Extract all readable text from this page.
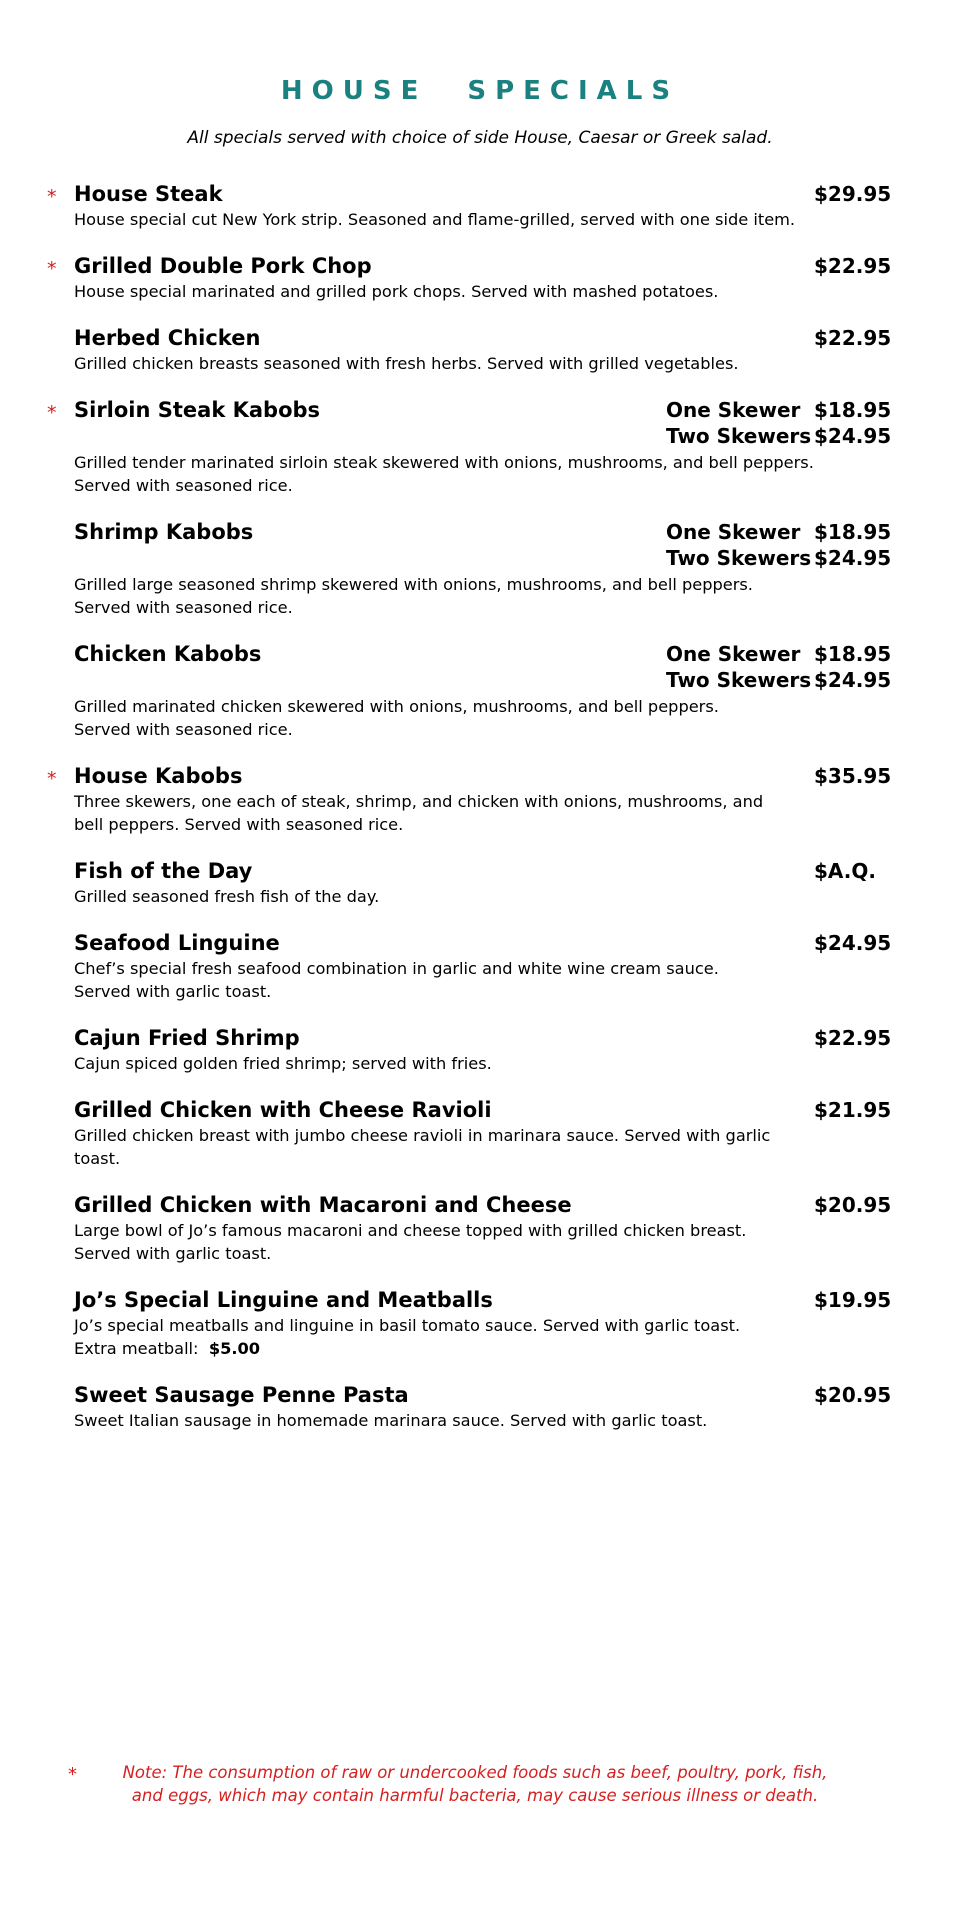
HOUSE SPECIALS
All specials served with choice of side House, Caesar or Greek salad.
* House Steak	$29.95
House special cut New York strip. Seasoned and flame-grilled, served with one side item.
* Grilled Double Pork Chop	$22.95
House special marinated and grilled pork chops. Served with mashed potatoes.
Herbed Chicken	$22.95
Grilled chicken breasts seasoned with fresh herbs. Served with grilled vegetables.
* Sirloin Steak Kabobs	One Skewer $18.95
Two Skewers $24.95
Grilled tender marinated sirloin steak skewered with onions, mushrooms, and bell peppers.
Served with seasoned rice.
Shrimp Kabobs	One Skewer $18.95
Two Skewers $24.95
Grilled large seasoned shrimp skewered with onions, mushrooms, and bell peppers.
Served with seasoned rice.
Chicken Kabobs	One Skewer $18.95
Two Skewers $24.95
Grilled marinated chicken skewered with onions, mushrooms, and bell peppers.
Served with seasoned rice.
* House Kabobs	$35.95
Three skewers, one each of steak, shrimp, and chicken with onions, mushrooms, and
bell peppers. Served with seasoned rice.
Fish of the Day	$A.Q.
Grilled seasoned fresh fish of the day.
Seafood Linguine	$24.95
Chef’s special fresh seafood combination in garlic and white wine cream sauce.
Served with garlic toast.
Cajun Fried Shrimp	$22.95
Cajun spiced golden fried shrimp; served with fries.
Grilled Chicken with Cheese Ravioli	$21.95
Grilled chicken breast with jumbo cheese ravioli in marinara sauce. Served with garlic
toast.
Grilled Chicken with Macaroni and Cheese	$20.95
Large bowl of Jo’s famous macaroni and cheese topped with grilled chicken breast.
Served with garlic toast.
Jo’s Special Linguine and Meatballs	$19.95
Jo’s special meatballs and linguine in basil tomato sauce. Served with garlic toast.
Extra meatball: $5.00
Sweet Sausage Penne Pasta	$20.95
Sweet Italian sausage in homemade marinara sauce. Served with garlic toast.
*	Note: The consumption of raw or undercooked foods such as beef, poultry, pork, fish,
and eggs, which may contain harmful bacteria, may cause serious illness or death.
